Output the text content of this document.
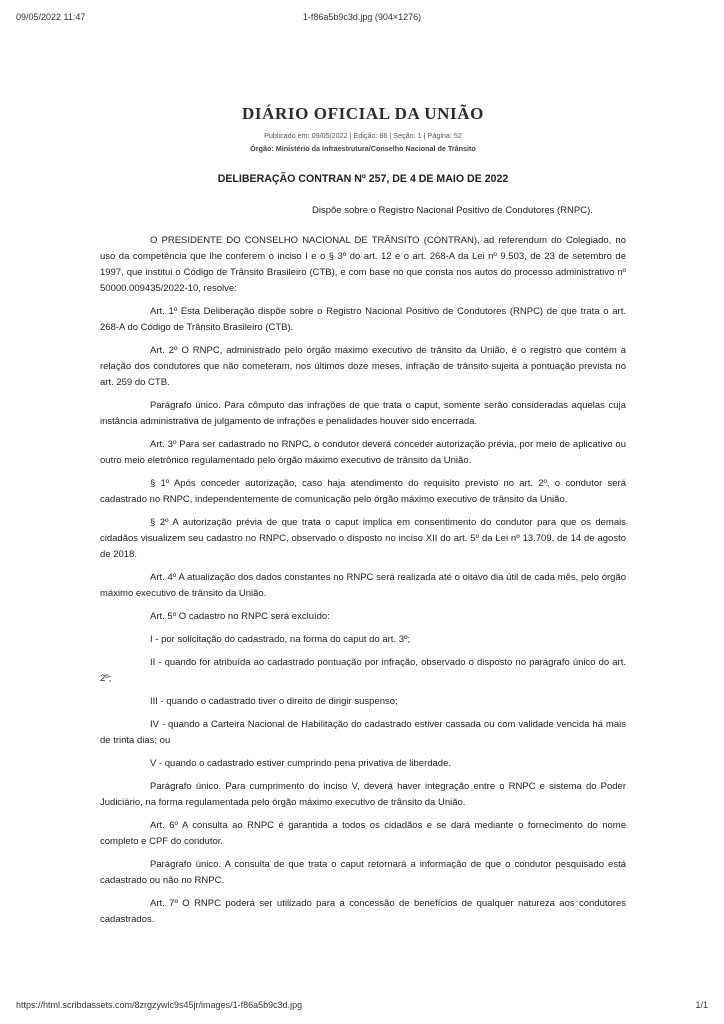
09/05/2022 11:47	1-f86a5b9c3d.jpg (904×1276)
DIÁRIO OFICIAL DA UNIÃO
Publicado em: 09/05/2022 | Edição: 86 | Seção: 1 | Página: 52
Órgão: Ministério da Infraestrutura/Conselho Nacional de Trânsito
DELIBERAÇÃO CONTRAN Nº 257, DE 4 DE MAIO DE 2022
Dispõe sobre o Registro Nacional Positivo de Condutores (RNPC).

O PRESIDENTE DO CONSELHO NACIONAL DE TRÂNSITO (CONTRAN), ad referendum do Colegiado, no uso da competência que lhe conferem o inciso I e o § 3º do art. 12 e o art. 268-A da Lei nº 9.503, de 23 de setembro de 1997, que institui o Código de Trânsito Brasileiro (CTB), e com base no que consta nos autos do processo administrativo nº 50000.009435/2022-10, resolve:

Art. 1º Esta Deliberação dispõe sobre o Registro Nacional Positivo de Condutores (RNPC) de que trata o art. 268-A do Código de Trânsito Brasileiro (CTB).

Art. 2º O RNPC, administrado pelo órgão máximo executivo de trânsito da União, é o registro que contém a relação dos condutores que não cometeram, nos últimos doze meses, infração de trânsito sujeita à pontuação prevista no art. 259 do CTB.

Parágrafo único. Para cômputo das infrações de que trata o caput, somente serão consideradas aquelas cuja instância administrativa de julgamento de infrações e penalidades houver sido encerrada.

Art. 3º Para ser cadastrado no RNPC, o condutor deverá conceder autorização prévia, por meio de aplicativo ou outro meio eletrônico regulamentado pelo órgão máximo executivo de trânsito da União.

§ 1º Após conceder autorização, caso haja atendimento do requisito previsto no art. 2º, o condutor será cadastrado no RNPC, independentemente de comunicação pelo órgão máximo executivo de trânsito da União.

§ 2º A autorização prévia de que trata o caput implica em consentimento do condutor para que os demais cidadãos visualizem seu cadastro no RNPC, observado o disposto no inciso XII do art. 5º da Lei nº 13.709, de 14 de agosto de 2018.

Art. 4º A atualização dos dados constantes no RNPC será realizada até o oitavo dia útil de cada mês, pelo órgão máximo executivo de trânsito da União.

Art. 5º O cadastro no RNPC será excluído:

I - por solicitação do cadastrado, na forma do caput do art. 3º;

II - quando for atribuída ao cadastrado pontuação por infração, observado o disposto no parágrafo único do art. 2º;

III - quando o cadastrado tiver o direito de dirigir suspenso;

IV - quando a Carteira Nacional de Habilitação do cadastrado estiver cassada ou com validade vencida há mais de trinta dias; ou

V - quando o cadastrado estiver cumprindo pena privativa de liberdade.

Parágrafo único. Para cumprimento do inciso V, deverá haver integração entre o RNPC e sistema do Poder Judiciário, na forma regulamentada pelo órgão máximo executivo de trânsito da União.

Art. 6º A consulta ao RNPC é garantida a todos os cidadãos e se dará mediante o fornecimento do nome completo e CPF do condutor.

Parágrafo único. A consulta de que trata o caput retornará a informação de que o condutor pesquisado está cadastrado ou não no RNPC.

Art. 7º O RNPC poderá ser utilizado para a concessão de benefícios de qualquer natureza aos condutores cadastrados.

https://html.scribdassets.com/8zrgzywlc9s45jr/images/1-f86a5b9c3d.jpg	1/1
